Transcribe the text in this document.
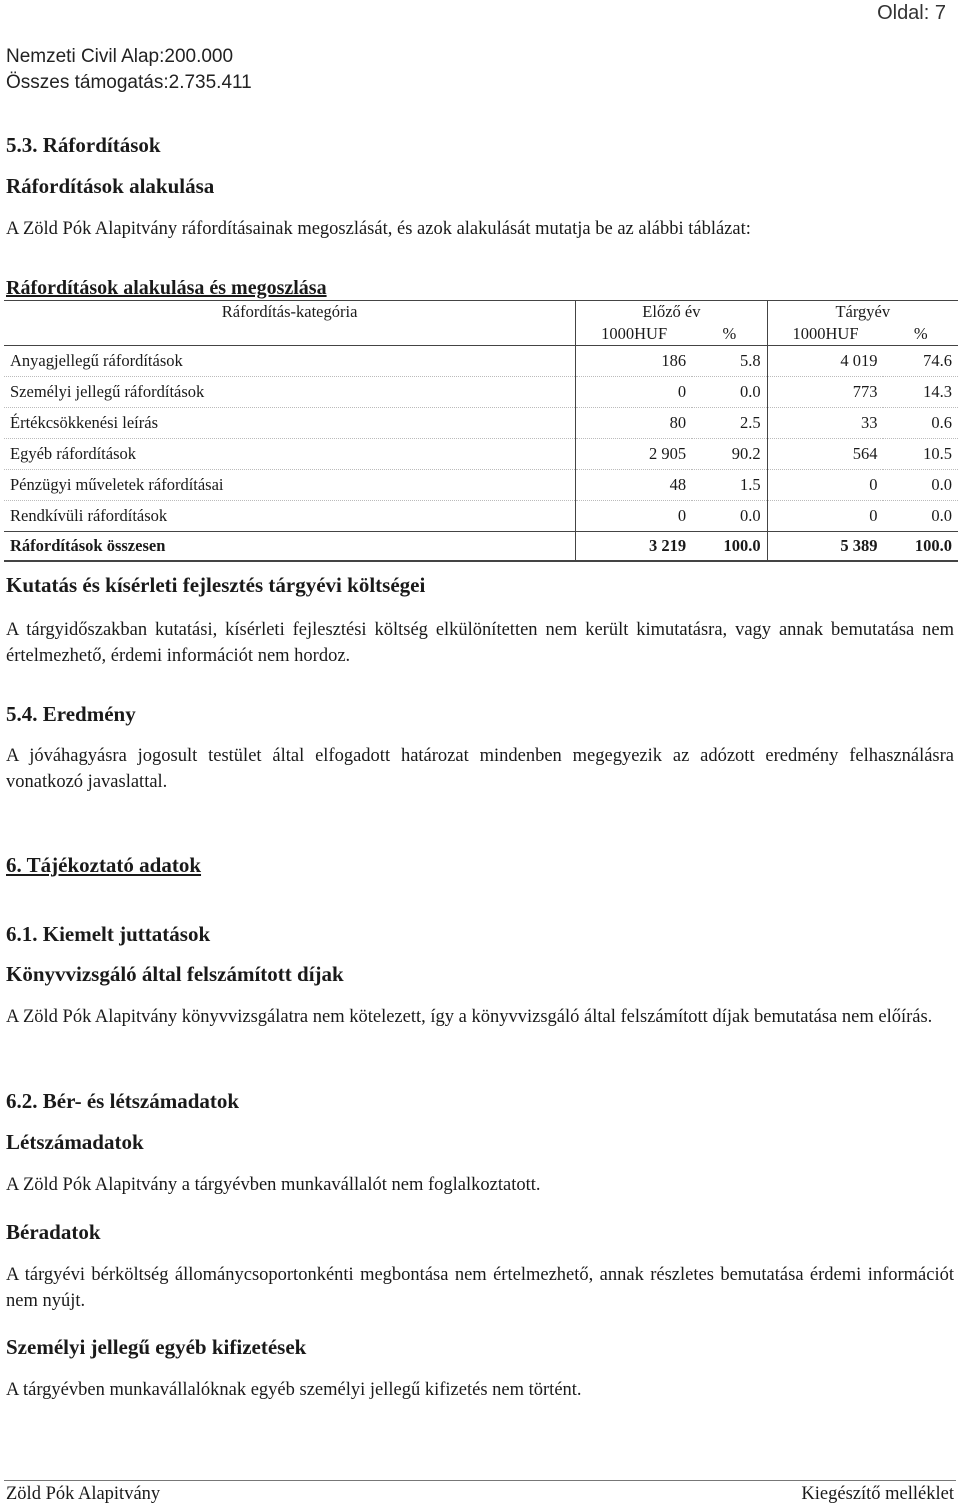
Oldal: 7
Nemzeti Civil Alap:200.000
Összes támogatás:2.735.411
5.3. Ráfordítások
Ráfordítások alakulása
A Zöld Pók Alapitvány ráfordításainak megoszlását, és azok alakulását mutatja be az alábbi táblázat:
Ráfordítások alakulása és megoszlása
Ráfordítás-kategória	Előző év		Tárgyév	
	1000HUF	%	1000HUF	%
Anyagjellegű ráfordítások	186	5.8	4 019	74.6
Személyi jellegű ráfordítások	0	0.0	773	14.3
Értékcsökkenési leírás	80	2.5	33	0.6
Egyéb ráfordítások	2 905	90.2	564	10.5
Pénzügyi műveletek ráfordításai	48	1.5	0	0.0
Rendkívüli ráfordítások	0	0.0	0	0.0
Ráfordítások összesen	3 219	100.0	5 389	100.0
Kutatás és kísérleti fejlesztés tárgyévi költségei
A tárgyidőszakban kutatási, kísérleti fejlesztési költség elkülönítetten nem került kimutatásra, vagy annak bemutatása nem értelmezhető, érdemi információt nem hordoz.
5.4. Eredmény
A jóváhagyásra jogosult testület által elfogadott határozat mindenben megegyezik az adózott eredmény felhasználásra vonatkozó javaslattal.
6. Tájékoztató adatok
6.1. Kiemelt juttatások
Könyvvizsgáló által felszámított díjak
A Zöld Pók Alapitvány könyvvizsgálatra nem kötelezett, így a könyvvizsgáló által felszámított díjak bemutatása nem előírás.
6.2. Bér- és létszámadatok
Létszámadatok
A Zöld Pók Alapitvány a tárgyévben munkavállalót nem foglalkoztatott.
Béradatok
A tárgyévi bérköltség állománycsoportonkénti megbontása nem értelmezhető, annak részletes bemutatása érdemi információt nem nyújt.
Személyi jellegű egyéb kifizetések
A tárgyévben munkavállalóknak egyéb személyi jellegű kifizetés nem történt.
Zöld Pók Alapitvány	Kiegészítő melléklet
